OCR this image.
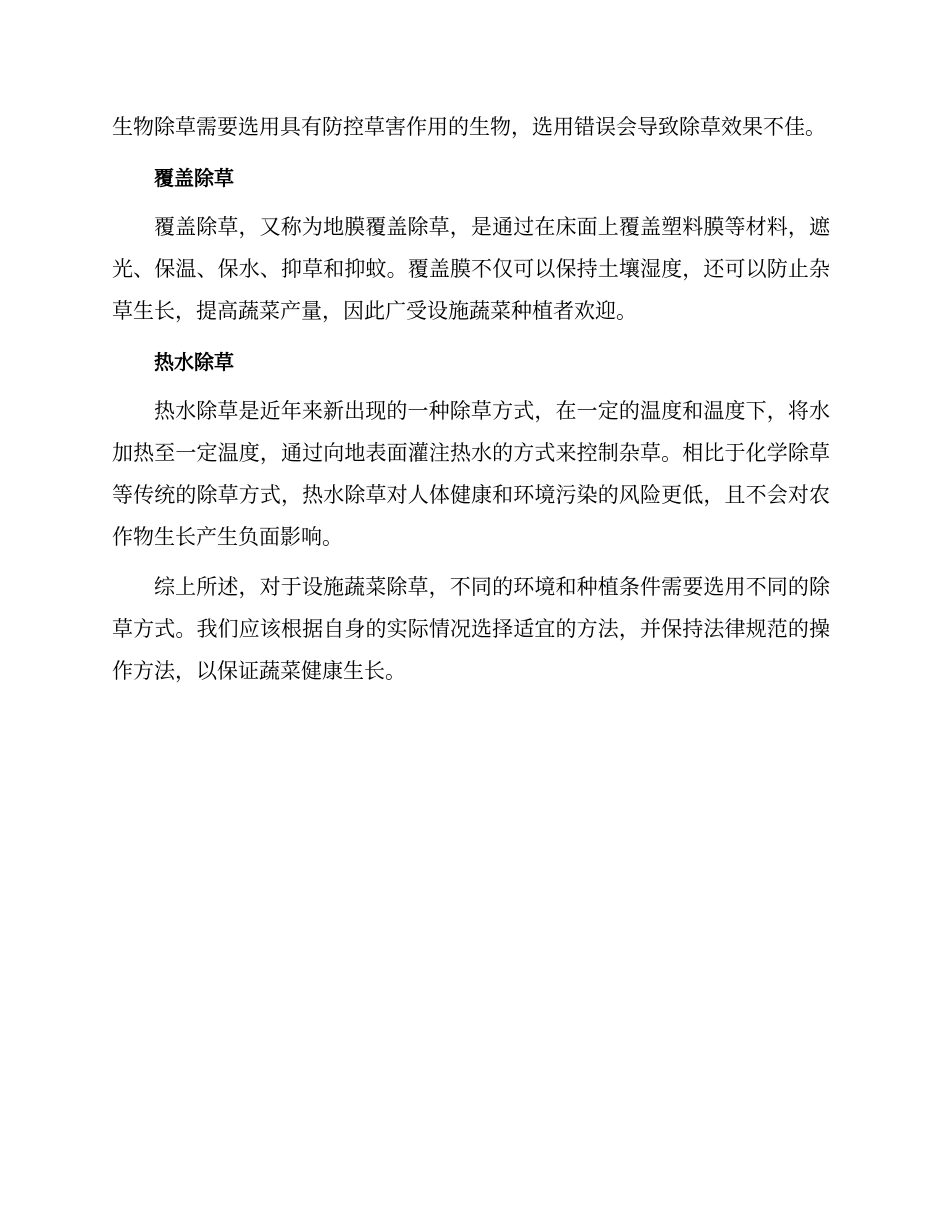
生物除草需要选用具有防控草害作用的生物，选用错误会导致除草效果不佳。

覆盖除草

覆盖除草，又称为地膜覆盖除草，是通过在床面上覆盖塑料膜等材料，遮光、保温、保水、抑草和抑蚊。覆盖膜不仅可以保持土壤湿度，还可以防止杂草生长，提高蔬菜产量，因此广受设施蔬菜种植者欢迎。

热水除草

热水除草是近年来新出现的一种除草方式，在一定的温度和温度下，将水加热至一定温度，通过向地表面灌注热水的方式来控制杂草。相比于化学除草等传统的除草方式，热水除草对人体健康和环境污染的风险更低，且不会对农作物生长产生负面影响。

综上所述，对于设施蔬菜除草，不同的环境和种植条件需要选用不同的除草方式。我们应该根据自身的实际情况选择适宜的方法，并保持法律规范的操作方法，以保证蔬菜健康生长。
